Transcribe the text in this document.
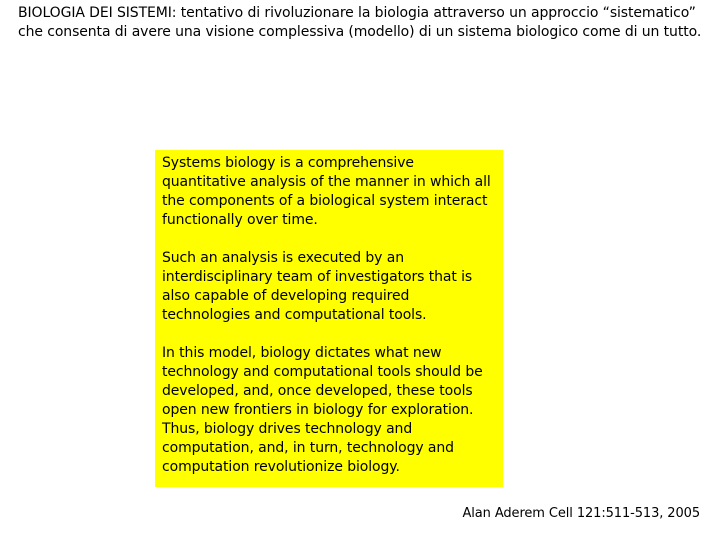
BIOLOGIA DEI SISTEMI: tentativo di rivoluzionare la biologia attraverso un approccio “sistematico” che consenta di avere una visione complessiva (modello) di un sistema biologico come di un tutto.

Systems biology is a comprehensive quantitative analysis of the manner in which all the components of a biological system interact functionally over time.

Such an analysis is executed by an interdisciplinary team of investigators that is also capable of developing required technologies and computational tools.

In this model, biology dictates what new technology and computational tools should be developed, and, once developed, these tools open new frontiers in biology for exploration. Thus, biology drives technology and computation, and, in turn, technology and computation revolutionize biology.

Alan Aderem Cell 121:511-513, 2005
